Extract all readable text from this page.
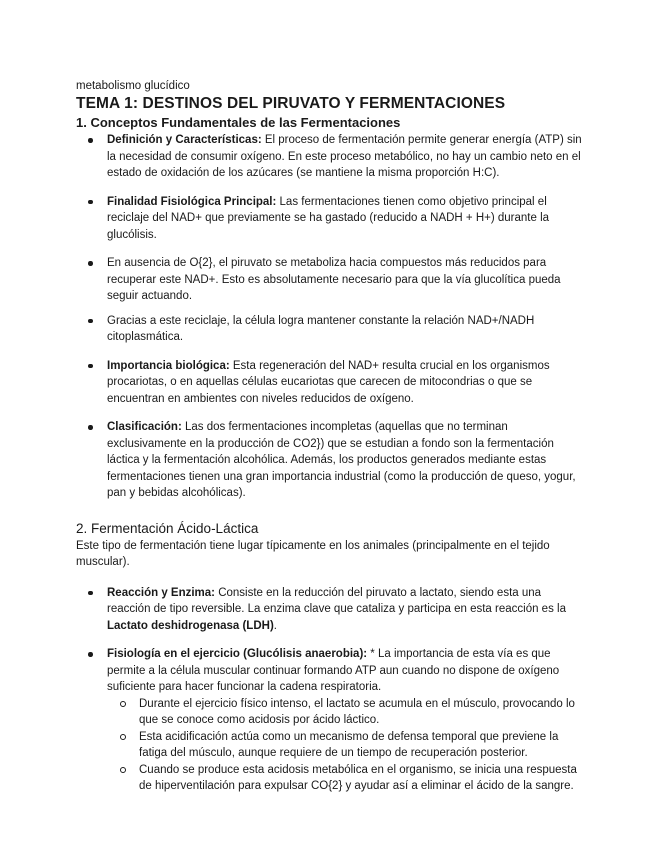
metabolismo glucídico

TEMA 1: DESTINOS DEL PIRUVATO Y FERMENTACIONES
1. Conceptos Fundamentales de las Fermentaciones
Definición y Características: El proceso de fermentación permite generar energía (ATP) sin la necesidad de consumir oxígeno. En este proceso metabólico, no hay un cambio neto en el estado de oxidación de los azúcares (se mantiene la misma proporción H:C).
Finalidad Fisiológica Principal: Las fermentaciones tienen como objetivo principal el reciclaje del NAD+ que previamente se ha gastado (reducido a NADH + H+) durante la glucólisis.
En ausencia de O{2}, el piruvato se metaboliza hacia compuestos más reducidos para recuperar este NAD+. Esto es absolutamente necesario para que la vía glucolítica pueda seguir actuando.
Gracias a este reciclaje, la célula logra mantener constante la relación NAD+/NADH citoplasmática.
Importancia biológica: Esta regeneración del NAD+ resulta crucial en los organismos procariotas, o en aquellas células eucariotas que carecen de mitocondrias o que se encuentran en ambientes con niveles reducidos de oxígeno.
Clasificación: Las dos fermentaciones incompletas (aquellas que no terminan exclusivamente en la producción de CO2}) que se estudian a fondo son la fermentación láctica y la fermentación alcohólica. Además, los productos generados mediante estas fermentaciones tienen una gran importancia industrial (como la producción de queso, yogur, pan y bebidas alcohólicas).
2. Fermentación Ácido-Láctica

Este tipo de fermentación tiene lugar típicamente en los animales (principalmente en el tejido muscular).

Reacción y Enzima: Consiste en la reducción del piruvato a lactato, siendo esta una reacción de tipo reversible. La enzima clave que cataliza y participa en esta reacción es la Lactato deshidrogenasa (LDH).
Fisiología en el ejercicio (Glucólisis anaerobia): * La importancia de esta vía es que permite a la célula muscular continuar formando ATP aun cuando no dispone de oxígeno suficiente para hacer funcionar la cadena respiratoria.
Durante el ejercicio físico intenso, el lactato se acumula en el músculo, provocando lo que se conoce como acidosis por ácido láctico.
Esta acidificación actúa como un mecanismo de defensa temporal que previene la fatiga del músculo, aunque requiere de un tiempo de recuperación posterior.
Cuando se produce esta acidosis metabólica en el organismo, se inicia una respuesta de hiperventilación para expulsar CO{2} y ayudar así a eliminar el ácido de la sangre.
